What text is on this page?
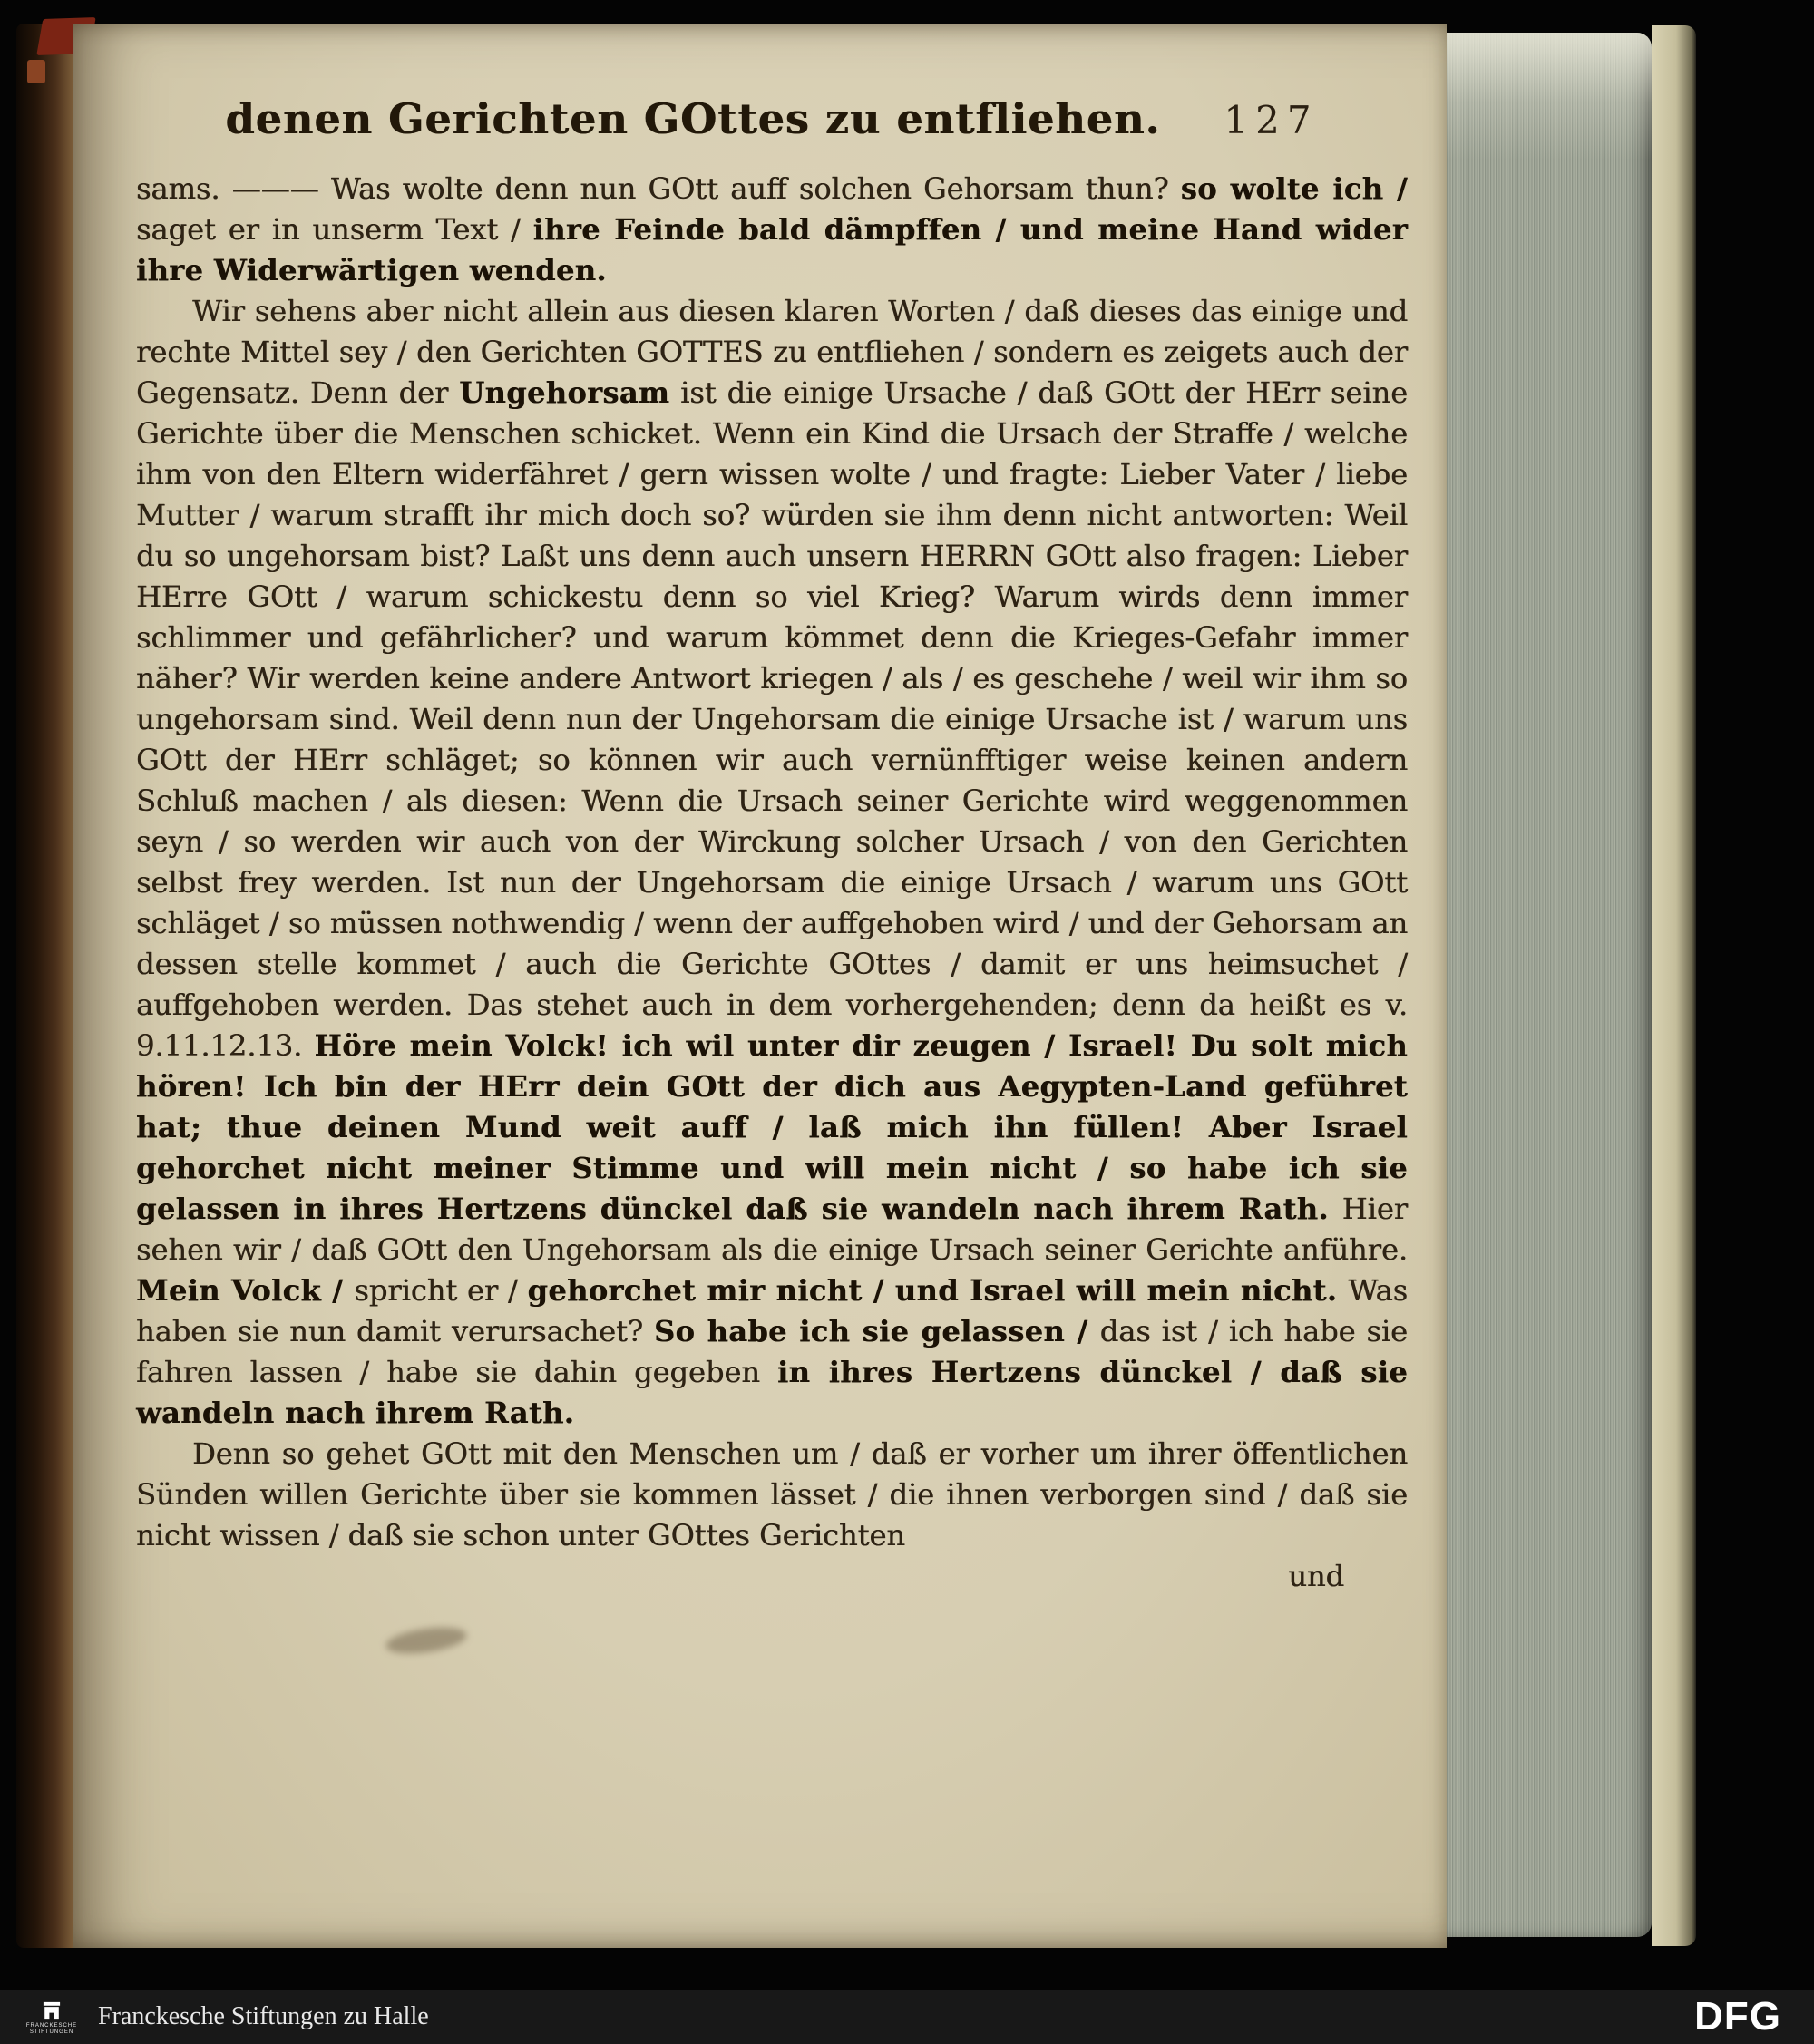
denen Gerichten GOttes zu entfliehen. 127

sams. ——— Was wolte denn nun GOtt auff solchen Gehorsam thun? so wolte ich / saget er in unserm Text / ihre Feinde bald dämpffen / und meine Hand wider ihre Widerwärtigen wenden.

Wir sehens aber nicht allein aus diesen klaren Worten / daß dieses das einige und rechte Mittel sey / den Gerichten GOTTES zu entfliehen / sondern es zeigets auch der Gegensatz. Denn der Ungehorsam ist die einige Ursache / daß GOtt der HErr seine Gerichte über die Menschen schicket. Wenn ein Kind die Ursach der Straffe / welche ihm von den Eltern widerfähret / gern wissen wolte / und fragte: Lieber Vater / liebe Mutter / warum strafft ihr mich doch so? würden sie ihm denn nicht antworten: Weil du so ungehorsam bist? Laßt uns denn auch unsern HERRN GOtt also fragen: Lieber HErre GOtt / warum schickestu denn so viel Krieg? Warum wirds denn immer schlimmer und gefährlicher? und warum kömmet denn die Krieges-Gefahr immer näher? Wir werden keine andere Antwort kriegen / als / es geschehe / weil wir ihm so ungehorsam sind. Weil denn nun der Ungehorsam die einige Ursache ist / warum uns GOtt der HErr schläget; so können wir auch vernünfftiger weise keinen andern Schluß machen / als diesen: Wenn die Ursach seiner Gerichte wird weggenommen seyn / so werden wir auch von der Wirckung solcher Ursach / von den Gerichten selbst frey werden. Ist nun der Ungehorsam die einige Ursach / warum uns GOtt schläget / so müssen nothwendig / wenn der auffgehoben wird / und der Gehorsam an dessen stelle kommet / auch die Gerichte GOttes / damit er uns heimsuchet / auffgehoben werden. Das stehet auch in dem vorhergehenden; denn da heißt es v. 9.11.12.13. Höre mein Volck! ich wil unter dir zeugen / Israel! Du solt mich hören! Ich bin der HErr dein GOtt der dich aus Aegypten-Land geführet hat; thue deinen Mund weit auff / laß mich ihn füllen! Aber Israel gehorchet nicht meiner Stimme und will mein nicht / so habe ich sie gelassen in ihres Hertzens dünckel daß sie wandeln nach ihrem Rath. Hier sehen wir / daß GOtt den Ungehorsam als die einige Ursach seiner Gerichte anführe. Mein Volck / spricht er / gehorchet mir nicht / und Israel will mein nicht. Was haben sie nun damit verursachet? So habe ich sie gelassen / das ist / ich habe sie fahren lassen / habe sie dahin gegeben in ihres Hertzens dünckel / daß sie wandeln nach ihrem Rath.

Denn so gehet GOtt mit den Menschen um / daß er vorher um ihrer öffentlichen Sünden willen Gerichte über sie kommen lässet / die ihnen verborgen sind / daß sie nicht wissen / daß sie schon unter GOttes Gerichten

und
FRANCKESCHE STIFTUNGEN
Franckesche Stiftungen zu Halle	DFG
